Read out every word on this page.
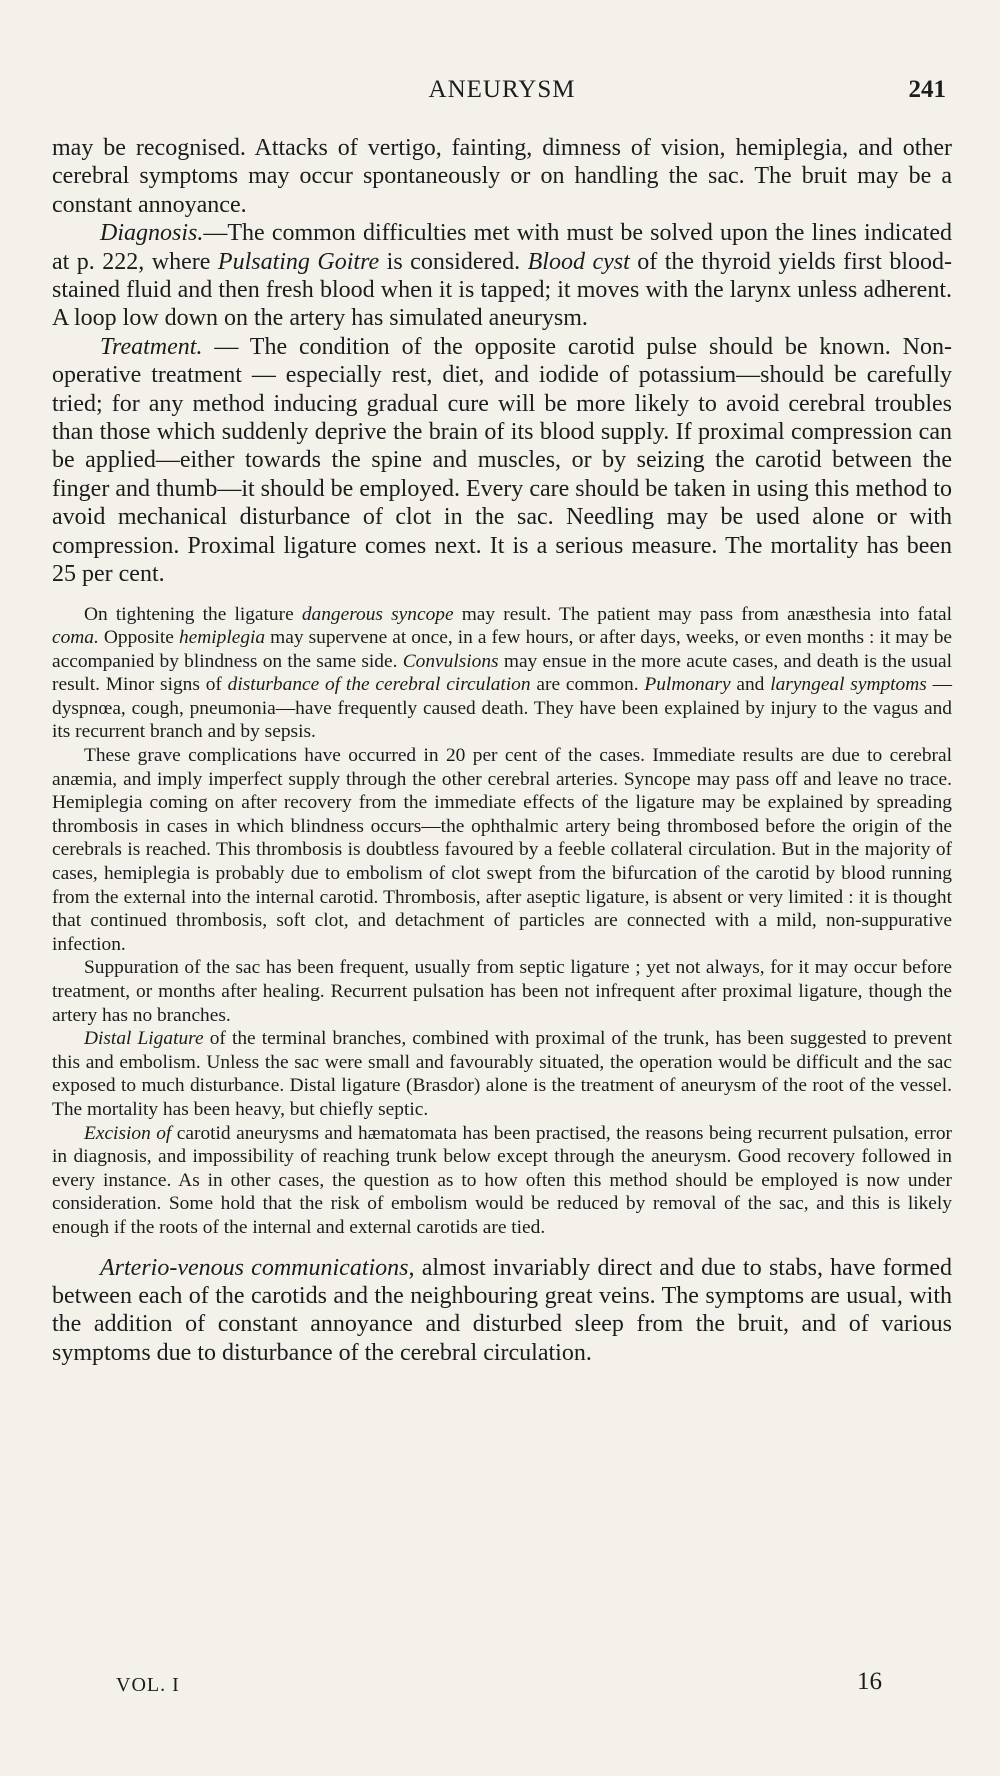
ANEURYSM	241

may be recognised. Attacks of vertigo, fainting, dimness of vision, hemiplegia, and other cerebral symptoms may occur spontaneously or on handling the sac. The bruit may be a constant annoyance.

Diagnosis.—The common difficulties met with must be solved upon the lines indicated at p. 222, where Pulsating Goitre is considered. Blood cyst of the thyroid yields first blood-stained fluid and then fresh blood when it is tapped; it moves with the larynx unless adherent. A loop low down on the artery has simulated aneurysm.

Treatment. — The condition of the opposite carotid pulse should be known. Non-operative treatment — especially rest, diet, and iodide of potassium—should be carefully tried; for any method inducing gradual cure will be more likely to avoid cerebral troubles than those which suddenly deprive the brain of its blood supply. If proximal compression can be applied—either towards the spine and muscles, or by seizing the carotid between the finger and thumb—it should be employed. Every care should be taken in using this method to avoid mechanical disturbance of clot in the sac. Needling may be used alone or with compression. Proximal ligature comes next. It is a serious measure. The mortality has been 25 per cent.

On tightening the ligature dangerous syncope may result. The patient may pass from anæsthesia into fatal coma. Opposite hemiplegia may supervene at once, in a few hours, or after days, weeks, or even months : it may be accompanied by blindness on the same side. Convulsions may ensue in the more acute cases, and death is the usual result. Minor signs of disturbance of the cerebral circulation are common. Pulmonary and laryngeal symptoms — dyspnœa, cough, pneumonia—have frequently caused death. They have been explained by injury to the vagus and its recurrent branch and by sepsis.

These grave complications have occurred in 20 per cent of the cases. Immediate results are due to cerebral anæmia, and imply imperfect supply through the other cerebral arteries. Syncope may pass off and leave no trace. Hemiplegia coming on after recovery from the immediate effects of the ligature may be explained by spreading thrombosis in cases in which blindness occurs—the ophthalmic artery being thrombosed before the origin of the cerebrals is reached. This thrombosis is doubtless favoured by a feeble collateral circulation. But in the majority of cases, hemiplegia is probably due to embolism of clot swept from the bifurcation of the carotid by blood running from the external into the internal carotid. Thrombosis, after aseptic ligature, is absent or very limited : it is thought that continued thrombosis, soft clot, and detachment of particles are connected with a mild, non-suppurative infection.

Suppuration of the sac has been frequent, usually from septic ligature ; yet not always, for it may occur before treatment, or months after healing. Recurrent pulsation has been not infrequent after proximal ligature, though the artery has no branches.

Distal Ligature of the terminal branches, combined with proximal of the trunk, has been suggested to prevent this and embolism. Unless the sac were small and favourably situated, the operation would be difficult and the sac exposed to much disturbance. Distal ligature (Brasdor) alone is the treatment of aneurysm of the root of the vessel. The mortality has been heavy, but chiefly septic.

Excision of carotid aneurysms and hæmatomata has been practised, the reasons being recurrent pulsation, error in diagnosis, and impossibility of reaching trunk below except through the aneurysm. Good recovery followed in every instance. As in other cases, the question as to how often this method should be employed is now under consideration. Some hold that the risk of embolism would be reduced by removal of the sac, and this is likely enough if the roots of the internal and external carotids are tied.

Arterio-venous communications, almost invariably direct and due to stabs, have formed between each of the carotids and the neighbouring great veins. The symptoms are usual, with the addition of constant annoyance and disturbed sleep from the bruit, and of various symptoms due to disturbance of the cerebral circulation.

VOL. I	16
